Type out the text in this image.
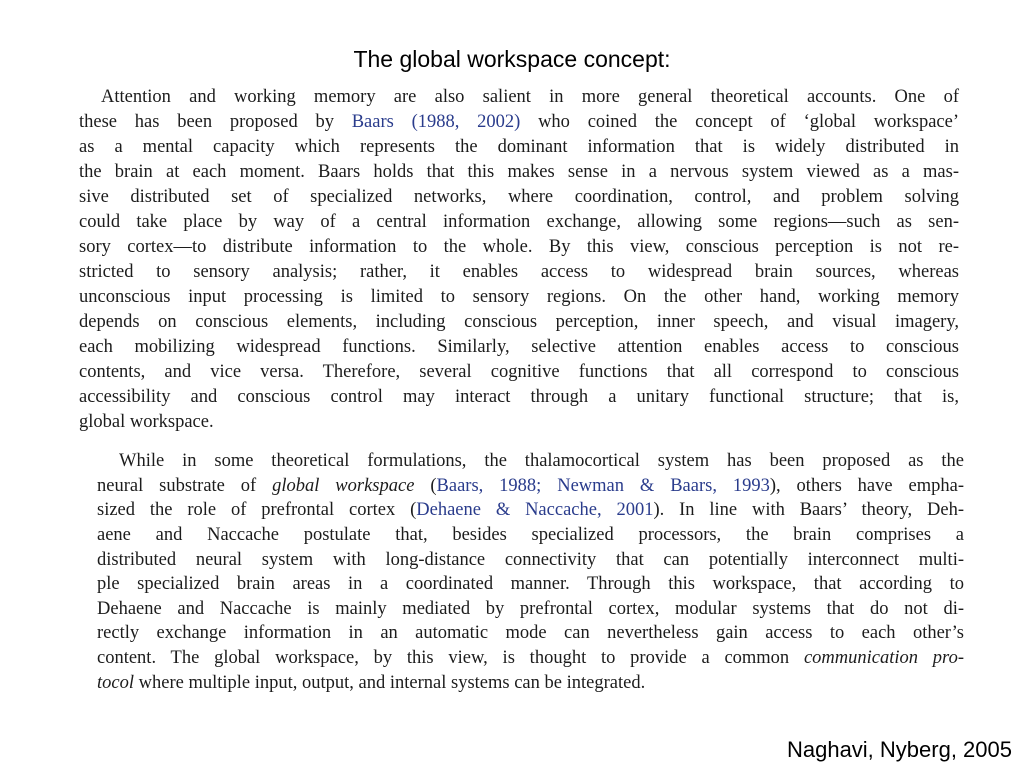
Attention and working memory are also salient in more general theoretical accounts. One of
these has been proposed by Baars (1988, 2002) who coined the concept of ‘global workspace’
as a mental capacity which represents the dominant information that is widely distributed in
the brain at each moment. Baars holds that this makes sense in a nervous system viewed as a mas-
sive distributed set of specialized networks, where coordination, control, and problem solving
could take place by way of a central information exchange, allowing some regions—such as sen-
sory cortex—to distribute information to the whole. By this view, conscious perception is not re-
stricted to sensory analysis; rather, it enables access to widespread brain sources, whereas
unconscious input processing is limited to sensory regions. On the other hand, working memory
depends on conscious elements, including conscious perception, inner speech, and visual imagery,
each mobilizing widespread functions. Similarly, selective attention enables access to conscious
contents, and vice versa. Therefore, several cognitive functions that all correspond to conscious
accessibility and conscious control may interact through a unitary functional structure; that is,
global workspace.
While in some theoretical formulations, the thalamocortical system has been proposed as the
neural substrate of global workspace (Baars, 1988; Newman & Baars, 1993), others have empha-
sized the role of prefrontal cortex (Dehaene & Naccache, 2001). In line with Baars’ theory, Deh-
aene and Naccache postulate that, besides specialized processors, the brain comprises a
distributed neural system with long-distance connectivity that can potentially interconnect multi-
ple specialized brain areas in a coordinated manner. Through this workspace, that according to
Dehaene and Naccache is mainly mediated by prefrontal cortex, modular systems that do not di-
rectly exchange information in an automatic mode can nevertheless gain access to each other’s
content. The global workspace, by this view, is thought to provide a common communication pro-
tocol where multiple input, output, and internal systems can be integrated.
The global workspace concept:
Naghavi, Nyberg, 2005
